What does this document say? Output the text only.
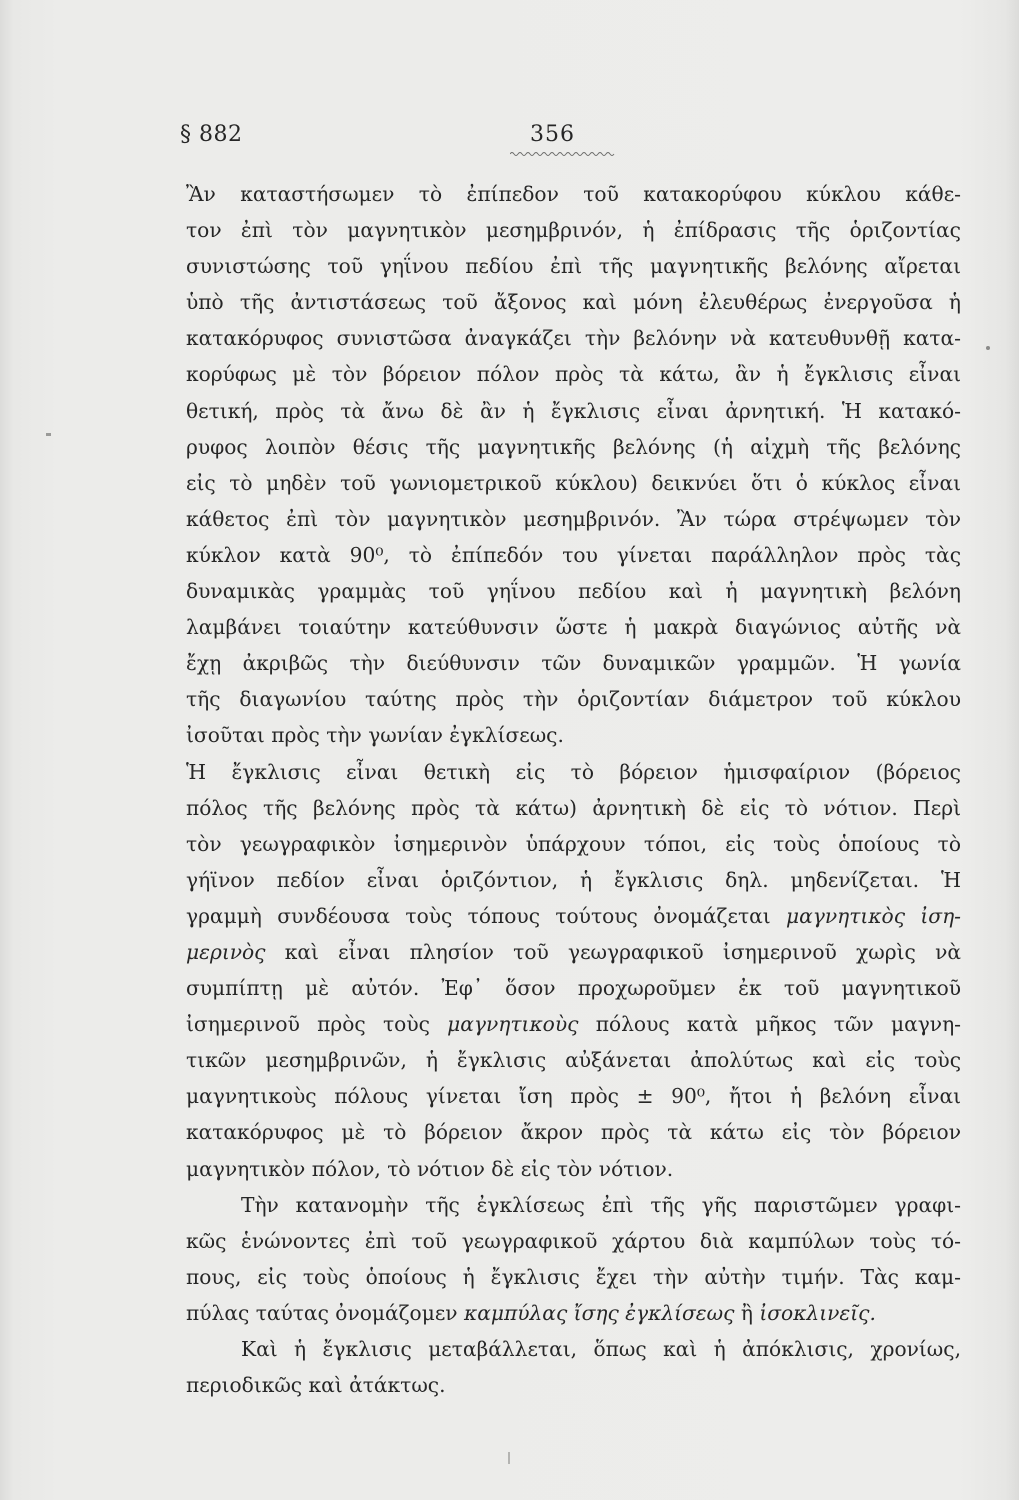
§ 882	356
Ἂν καταστήσωμεν τὸ ἐπίπεδον τοῦ κατακορύφου κύκλου κάθε-
τον ἐπὶ τὸν μαγνητικὸν μεσημβρινόν, ἡ ἐπίδρασις τῆς ὁριζοντίας
συνιστώσης τοῦ γηΐνου πεδίου ἐπὶ τῆς μαγνητικῆς βελόνης αἴρεται
ὑπὸ τῆς ἀντιστάσεως τοῦ ἄξονος καὶ μόνη ἐλευθέρως ἐνεργοῦσα ἡ
κατακόρυφος συνιστῶσα ἀναγκάζει τὴν βελόνην νὰ κατευθυνθῇ κατα-
κορύφως μὲ τὸν βόρειον πόλον πρὸς τὰ κάτω, ἂν ἡ ἔγκλισις εἶναι
θετική, πρὸς τὰ ἄνω δὲ ἂν ἡ ἔγκλισις εἶναι ἀρνητική. Ἡ κατακό-
ρυφος λοιπὸν θέσις τῆς μαγνητικῆς βελόνης (ἡ αἰχμὴ τῆς βελόνης
εἰς τὸ μηδὲν τοῦ γωνιομετρικοῦ κύκλου) δεικνύει ὅτι ὁ κύκλος εἶναι
κάθετος ἐπὶ τὸν μαγνητικὸν μεσημβρινόν. Ἂν τώρα στρέψωμεν τὸν
κύκλον κατὰ 90⁰, τὸ ἐπίπεδόν του γίνεται παράλληλον πρὸς τὰς
δυναμικὰς γραμμὰς τοῦ γηΐνου πεδίου καὶ ἡ μαγνητικὴ βελόνη
λαμβάνει τοιαύτην κατεύθυνσιν ὥστε ἡ μακρὰ διαγώνιος αὐτῆς νὰ
ἔχῃ ἀκριβῶς τὴν διεύθυνσιν τῶν δυναμικῶν γραμμῶν. Ἡ γωνία
τῆς διαγωνίου ταύτης πρὸς τὴν ὁριζοντίαν διάμετρον τοῦ κύκλου
ἰσοῦται πρὸς τὴν γωνίαν ἐγκλίσεως.
Ἡ ἔγκλισις εἶναι θετικὴ εἰς τὸ βόρειον ἡμισφαίριον (βόρειος
πόλος τῆς βελόνης πρὸς τὰ κάτω) ἀρνητικὴ δὲ εἰς τὸ νότιον. Περὶ
τὸν γεωγραφικὸν ἰσημερινὸν ὑπάρχουν τόποι, εἰς τοὺς ὁποίους τὸ
γήϊνον πεδίον εἶναι ὁριζόντιον, ἡ ἔγκλισις δηλ. μηδενίζεται. Ἡ
γραμμὴ συνδέουσα τοὺς τόπους τούτους ὀνομάζεται μαγνητικὸς ἰση-
μερινὸς καὶ εἶναι πλησίον τοῦ γεωγραφικοῦ ἰσημερινοῦ χωρὶς νὰ
συμπίπτῃ μὲ αὐτόν. Ἐφ᾿ ὅσον προχωροῦμεν ἐκ τοῦ μαγνητικοῦ
ἰσημερινοῦ πρὸς τοὺς μαγνητικοὺς πόλους κατὰ μῆκος τῶν μαγνη-
τικῶν μεσημβρινῶν, ἡ ἔγκλισις αὐξάνεται ἀπολύτως καὶ εἰς τοὺς
μαγνητικοὺς πόλους γίνεται ἴση πρὸς ± 90⁰, ἤτοι ἡ βελόνη εἶναι
κατακόρυφος μὲ τὸ βόρειον ἄκρον πρὸς τὰ κάτω εἰς τὸν βόρειον
μαγνητικὸν πόλον, τὸ νότιον δὲ εἰς τὸν νότιον.
Τὴν κατανομὴν τῆς ἐγκλίσεως ἐπὶ τῆς γῆς παριστῶμεν γραφι-
κῶς ἑνώνοντες ἐπὶ τοῦ γεωγραφικοῦ χάρτου διὰ καμπύλων τοὺς τό-
πους, εἰς τοὺς ὁποίους ἡ ἔγκλισις ἔχει τὴν αὐτὴν τιμήν. Τὰς καμ-
πύλας ταύτας ὀνομάζομεν καμπύλας ἴσης ἐγκλίσεως ἢ ἰσοκλινεῖς.
Καὶ ἡ ἔγκλισις μεταβάλλεται, ὅπως καὶ ἡ ἀπόκλισις, χρονίως,
περιοδικῶς καὶ ἀτάκτως.
